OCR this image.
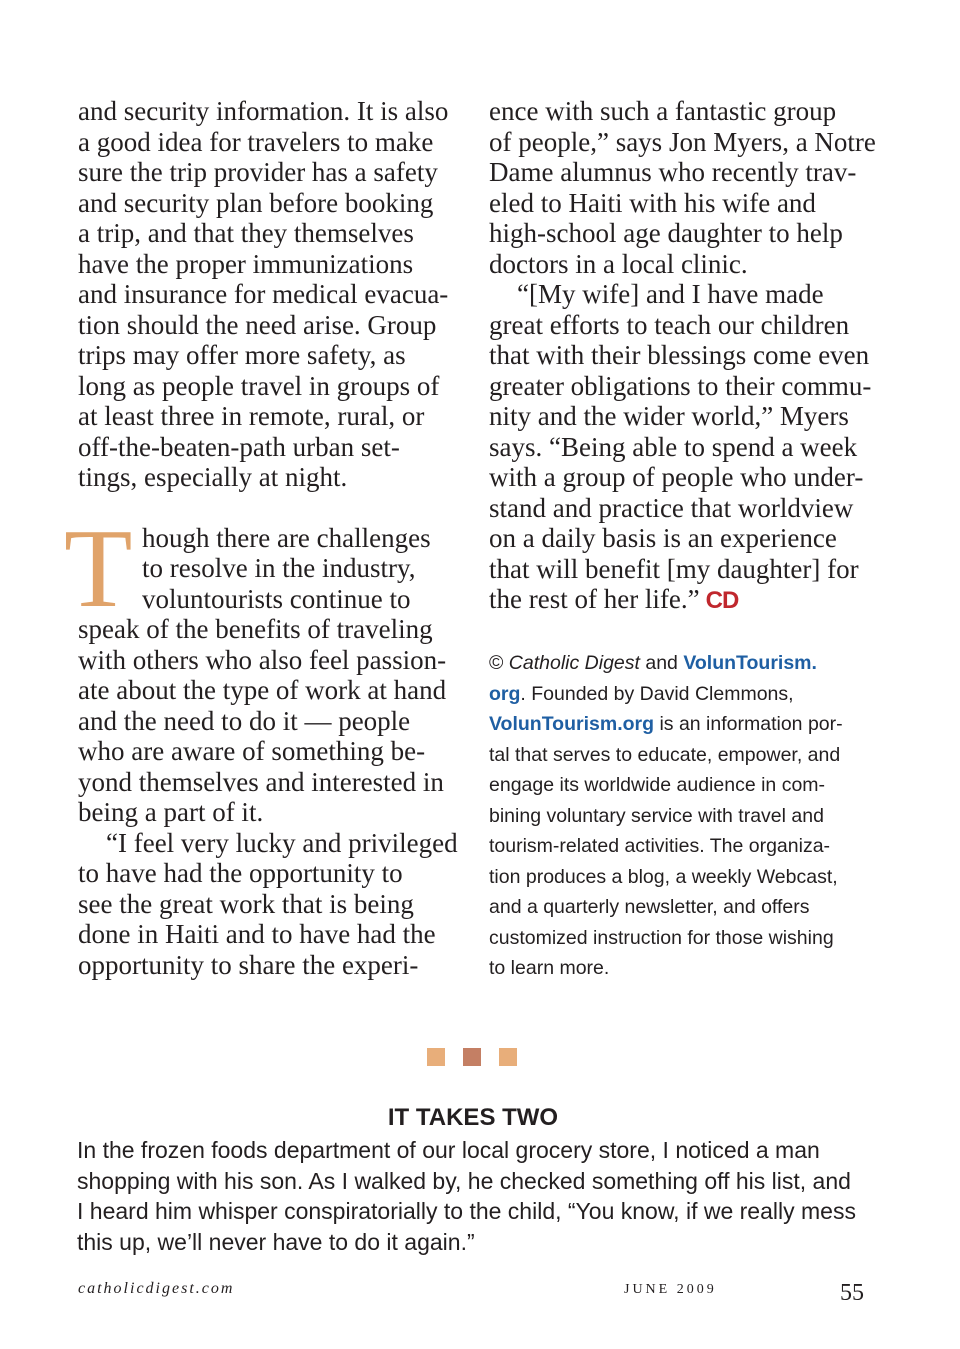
and security information. It is also
a good idea for travelers to make
sure the trip provider has a safety
and security plan before booking
a trip, and that they themselves
have the proper immunizations
and insurance for medical evacua-
tion should the need arise. Group
trips may offer more safety, as
long as people travel in groups of
at least three in remote, rural, or
off-the-beaten-path urban set-
tings, especially at night.
T hough there are challenges
to resolve in the industry,
voluntourists continue to
speak of the benefits of traveling
with others who also feel passion-
ate about the type of work at hand
and the need to do it — people
who are aware of something be-
yond themselves and interested in
being a part of it.
“I feel very lucky and privileged
to have had the opportunity to
see the great work that is being
done in Haiti and to have had the
opportunity to share the experi-
ence with such a fantastic group
of people,” says Jon Myers, a Notre
Dame alumnus who recently trav-
eled to Haiti with his wife and
high-school age daughter to help
doctors in a local clinic.
“[My wife] and I have made
great efforts to teach our children
that with their blessings come even
greater obligations to their commu-
nity and the wider world,” Myers
says. “Being able to spend a week
with a group of people who under-
stand and practice that worldview
on a daily basis is an experience
that will benefit [my daughter] for
the rest of her life.” CD
© Catholic Digest and VolunTourism.
org. Founded by David Clemmons,
VolunTourism.org is an information por-
tal that serves to educate, empower, and
engage its worldwide audience in com-
bining voluntary service with travel and
tourism-related activities. The organiza-
tion produces a blog, a weekly Webcast,
and a quarterly newsletter, and offers
customized instruction for those wishing
to learn more.
IT TAKES TWO
In the frozen foods department of our local grocery store, I noticed a man
shopping with his son. As I walked by, he checked something off his list, and
I heard him whisper conspiratorially to the child, “You know, if we really mess
this up, we’ll never have to do it again.”
catholicdigest.com	JUNE 2009	55
